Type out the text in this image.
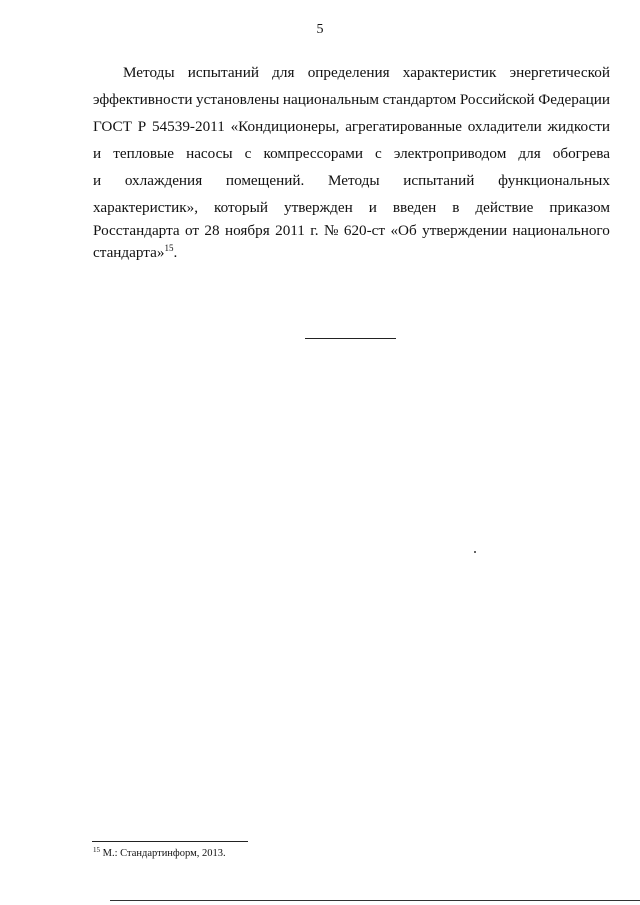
5
Методы испытаний для определения характеристик энергетической
эффективности установлены национальным стандартом Российской Федерации
ГОСТ Р 54539-2011 «Кондиционеры, агрегатированные охладители жидкости
и тепловые насосы с компрессорами с электроприводом для обогрева
и охлаждения помещений. Методы испытаний функциональных
характеристик», который утвержден и введен в действие приказом
Росстандарта от 28 ноября 2011 г. № 620-ст «Об утверждении национального
стандарта»$^{15}$.
$^{15}$ М.: Стандартинформ, 2013.
